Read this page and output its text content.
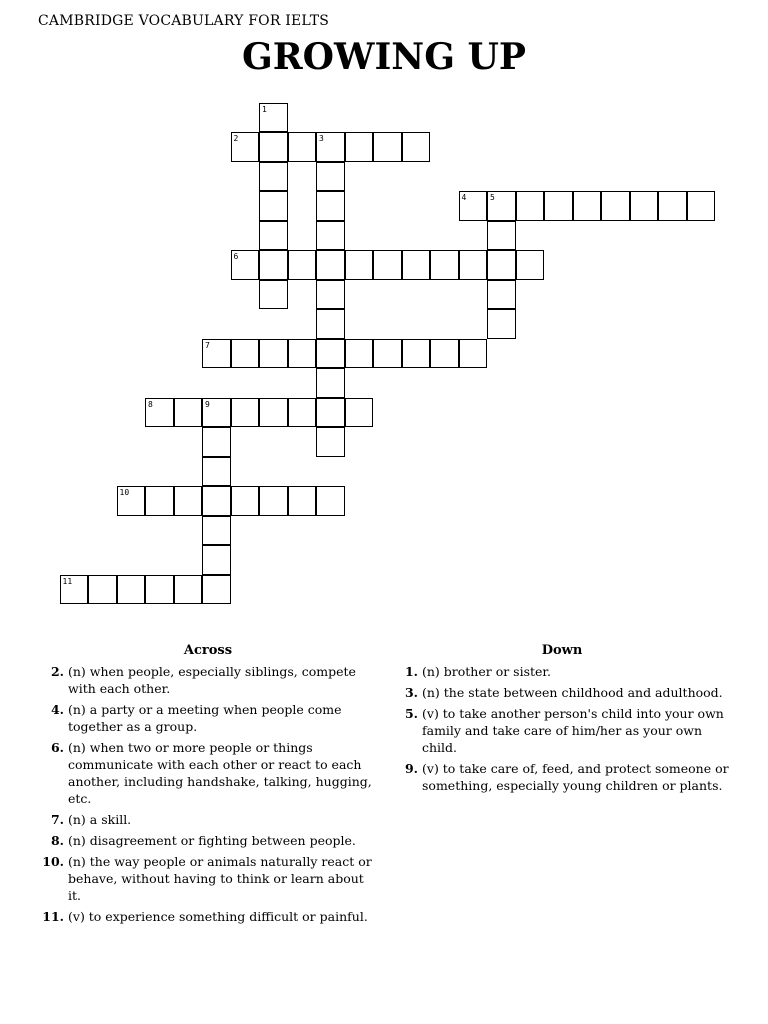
CAMBRIDGE VOCABULARY FOR IELTS
GROWING UP
1
2	3
4	5
6
7
8	9
10
11
Across
2. (n) when people, especially siblings, compete with each other.
4. (n) a party or a meeting when people come together as a group.
6. (n) when two or more people or things communicate with each other or react to each another, including handshake, talking, hugging, etc.
7. (n) a skill.
8. (n) disagreement or fighting between people.
10. (n) the way people or animals naturally react or behave, without having to think or learn about it.
11. (v) to experience something difficult or painful.
Down
1. (n) brother or sister.
3. (n) the state between childhood and adulthood.
5. (v) to take another person's child into your own family and take care of him/her as your own child.
9. (v) to take care of, feed, and protect someone or something, especially young children or plants.
